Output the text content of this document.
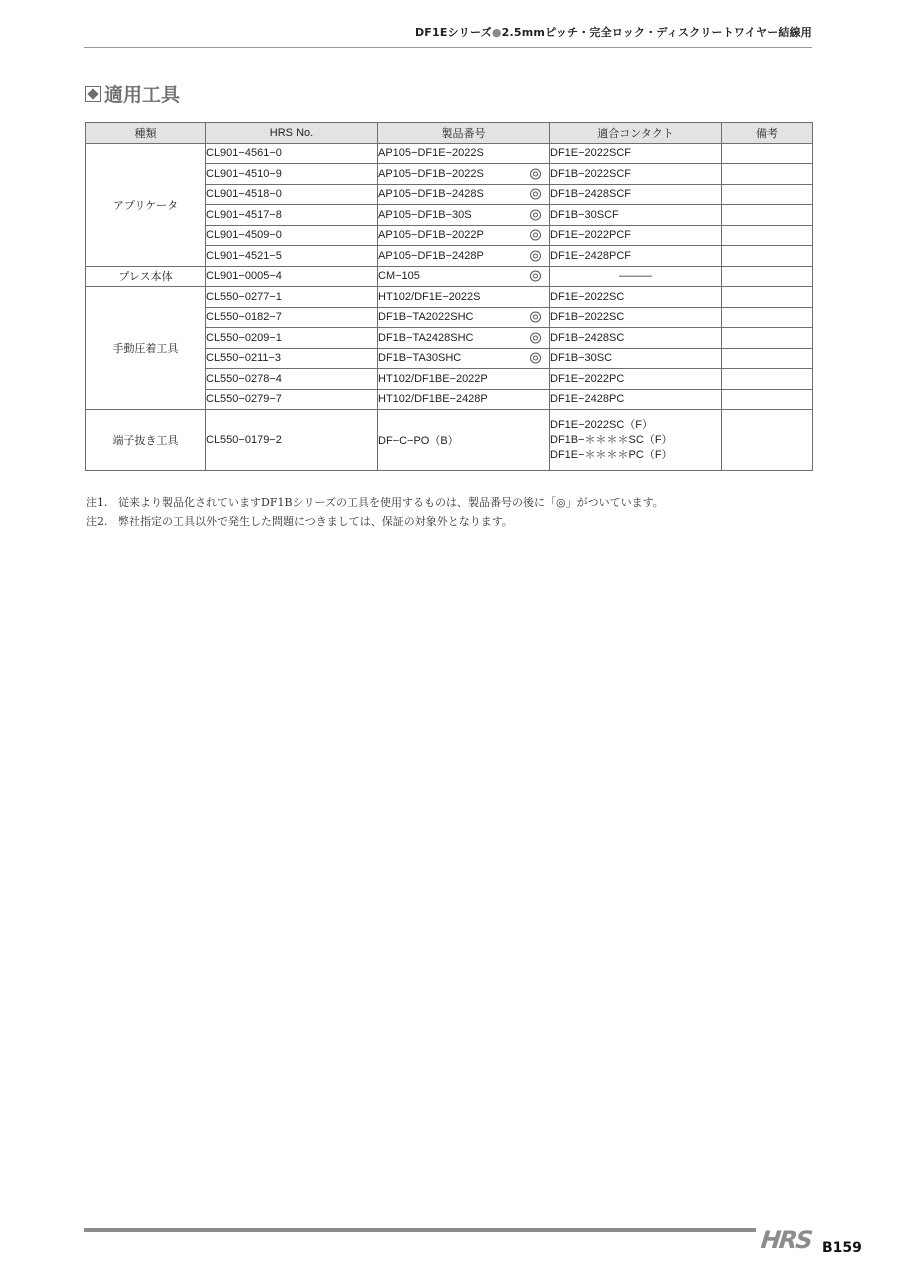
DF1Eシリーズ●2.5mmピッチ・完全ロック・ディスクリートワイヤー結線用
適用工具
種類	HRS No.	製品番号	適合コンタクト	備考
アプリケータ	CL901−4561−0	AP105−DF1E−2022S	DF1E−2022SCF	
	CL901−4510−9	AP105−DF1B−2022S	DF1B−2022SCF	
	CL901−4518−0	AP105−DF1B−2428S	DF1B−2428SCF	
	CL901−4517−8	AP105−DF1B−30S	DF1B−30SCF	
	CL901−4509−0	AP105−DF1B−2022P	DF1E−2022PCF	
	CL901−4521−5	AP105−DF1B−2428P	DF1E−2428PCF	
プレス本体	CL901−0005−4	CM−105	―――	
手動圧着工具	CL550−0277−1	HT102/DF1E−2022S	DF1E−2022SC	
	CL550−0182−7	DF1B−TA2022SHC	DF1B−2022SC	
	CL550−0209−1	DF1B−TA2428SHC	DF1B−2428SC	
	CL550−0211−3	DF1B−TA30SHC	DF1B−30SC	
	CL550−0278−4	HT102/DF1BE−2022P	DF1E−2022PC	
	CL550−0279−7	HT102/DF1BE−2428P	DF1E−2428PC	
端子抜き工具	CL550−0179−2	DF−C−PO（B）	DF1E−2022SC（F）
DF1B−＊＊＊＊SC（F）
DF1E−＊＊＊＊PC（F）	

注1. 従来より製品化されていますDF1Bシリーズの工具を使用するものは、製品番号の後に「◎」がついています。
注2. 弊社指定の工具以外で発生した問題につきましては、保証の対象外となります。
HRS B159
